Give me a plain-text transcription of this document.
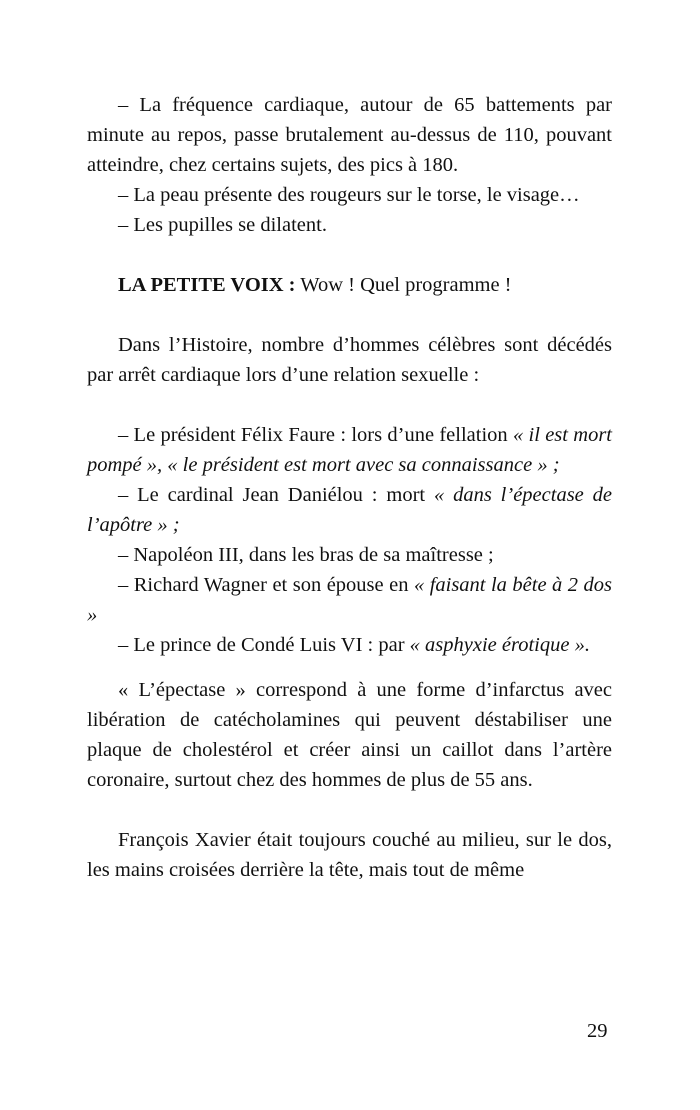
– La fréquence cardiaque, autour de 65 battements par minute au repos, passe brutalement au-dessus de 110, pouvant atteindre, chez certains sujets, des pics à 180.

– La peau présente des rougeurs sur le torse, le visage…

– Les pupilles se dilatent.

LA PETITE VOIX : Wow ! Quel programme !

Dans l’Histoire, nombre d’hommes célèbres sont décédés par arrêt cardiaque lors d’une relation sexuelle :

– Le président Félix Faure : lors d’une fellation « il est mort pompé », « le président est mort avec sa connaissance » ;

– Le cardinal Jean Daniélou : mort « dans l’épectase de l’apôtre » ;

– Napoléon III, dans les bras de sa maîtresse ;

– Richard Wagner et son épouse en « faisant la bête à 2 dos »

– Le prince de Condé Luis VI : par « asphyxie érotique ».

« L’épectase » correspond à une forme d’infarctus avec libération de catécholamines qui peuvent déstabiliser une plaque de cholestérol et créer ainsi un caillot dans l’artère coronaire, surtout chez des hommes de plus de 55 ans.

François Xavier était toujours couché au milieu, sur le dos, les mains croisées derrière la tête, mais tout de même

29
